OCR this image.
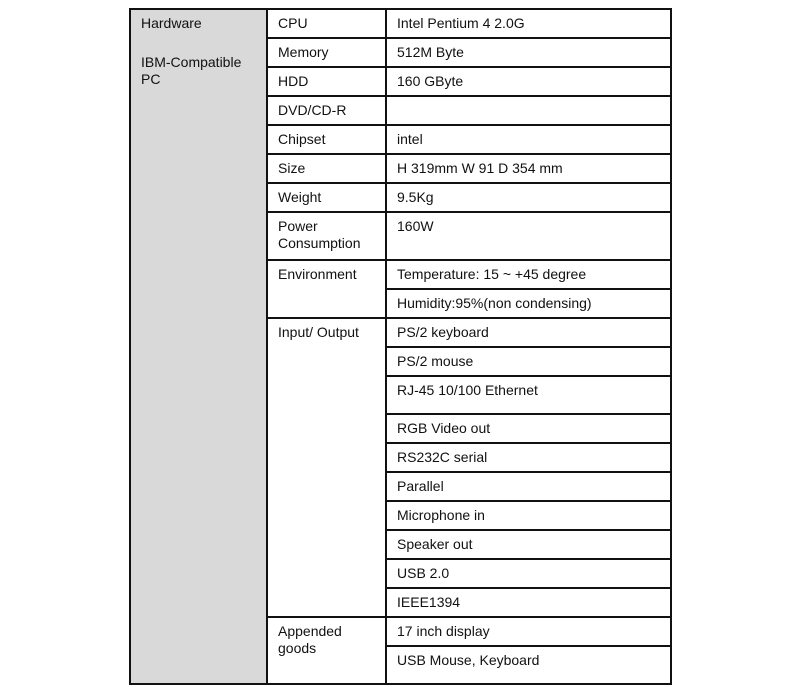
Hardware
IBM-Compatible PC	CPU	Intel Pentium 4 2.0G
	Memory	512M Byte
	HDD	160 GByte
	DVD/CD-R	
	Chipset	intel
	Size	H 319mm W 91 D 354 mm
	Weight	9.5Kg
	Power Consumption	160W
	Environment	Temperature: 15 ~ +45 degree
		Humidity:95%(non condensing)
	Input/ Output	PS/2 keyboard
		PS/2 mouse
		RJ-45 10/100 Ethernet
		RGB Video out
		RS232C serial
		Parallel
		Microphone in
		Speaker out
		USB 2.0
		IEEE1394
	Appended goods	17 inch display
		USB Mouse, Keyboard
